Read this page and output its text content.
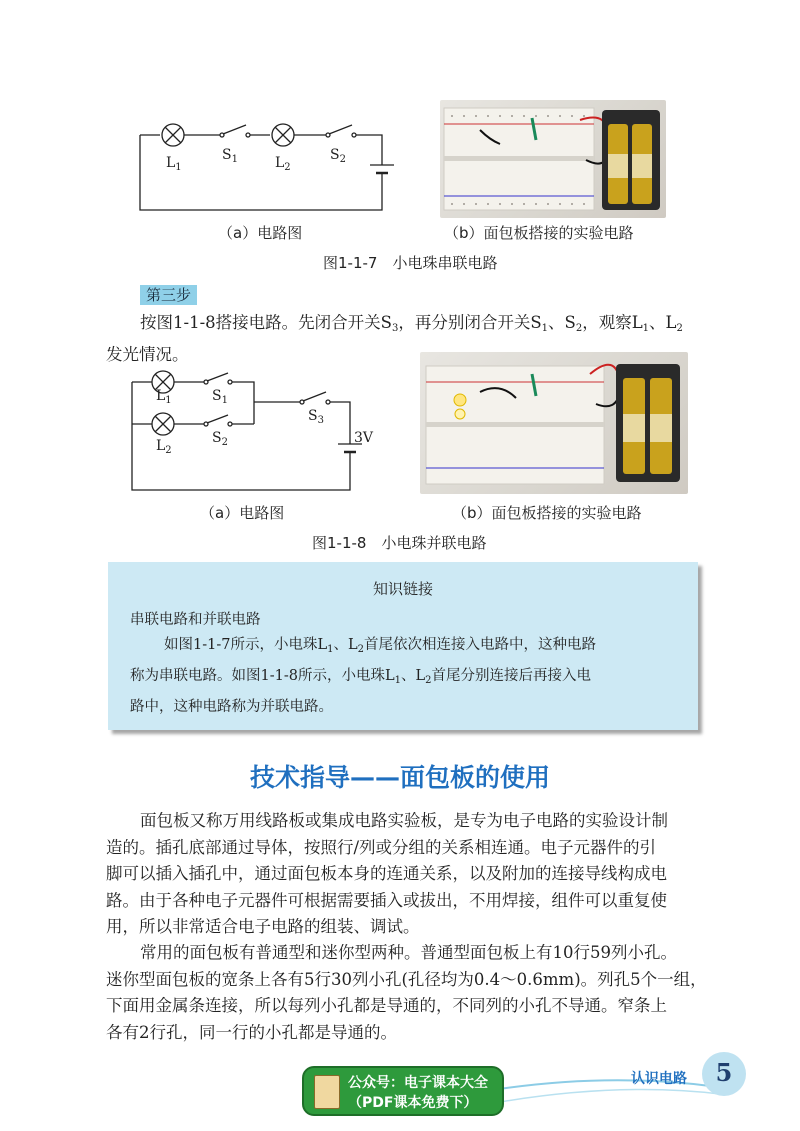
$L_1$
$S_1$	$L_2$
$S_2$
（a）电路图	（b）面包板搭接的实验电路
图1-1-7　小电珠串联电路
第三步
按图1-1-8搭接电路。先闭合开关$S_3$，再分别闭合开关$S_1$、$S_2$，观察$L_1$、$L_2$
发光情况。
$L_1$	$S_1$
$L_2$
$S_2$
$S_3$
3V
（a）电路图	（b）面包板搭接的实验电路
图1-1-8　小电珠并联电路
知识链接
串联电路和并联电路
如图1-1-7所示，小电珠$L_1$、$L_2$首尾依次相连接入电路中，这种电路
称为串联电路。如图1-1-8所示，小电珠$L_1$、$L_2$首尾分别连接后再接入电
路中，这种电路称为并联电路。
技术指导——面包板的使用
面包板又称万用线路板或集成电路实验板，是专为电子电路的实验设计制
造的。插孔底部通过导体，按照行/列或分组的关系相连通。电子元器件的引
脚可以插入插孔中，通过面包板本身的连通关系，以及附加的连接导线构成电
路。由于各种电子元器件可根据需要插入或拔出，不用焊接，组件可以重复使
用，所以非常适合电子电路的组装、调试。
常用的面包板有普通型和迷你型两种。普通型面包板上有10行59列小孔。
迷你型面包板的宽条上各有5行30列小孔(孔径均为0.4～0.6mm)。列孔5个一组，
下面用金属条连接，所以每列小孔都是导通的，不同列的小孔不导通。窄条上
各有2行孔，同一行的小孔都是导通的。
公众号：电子课本大全
（PDF课本免费下）
认识电路	5
